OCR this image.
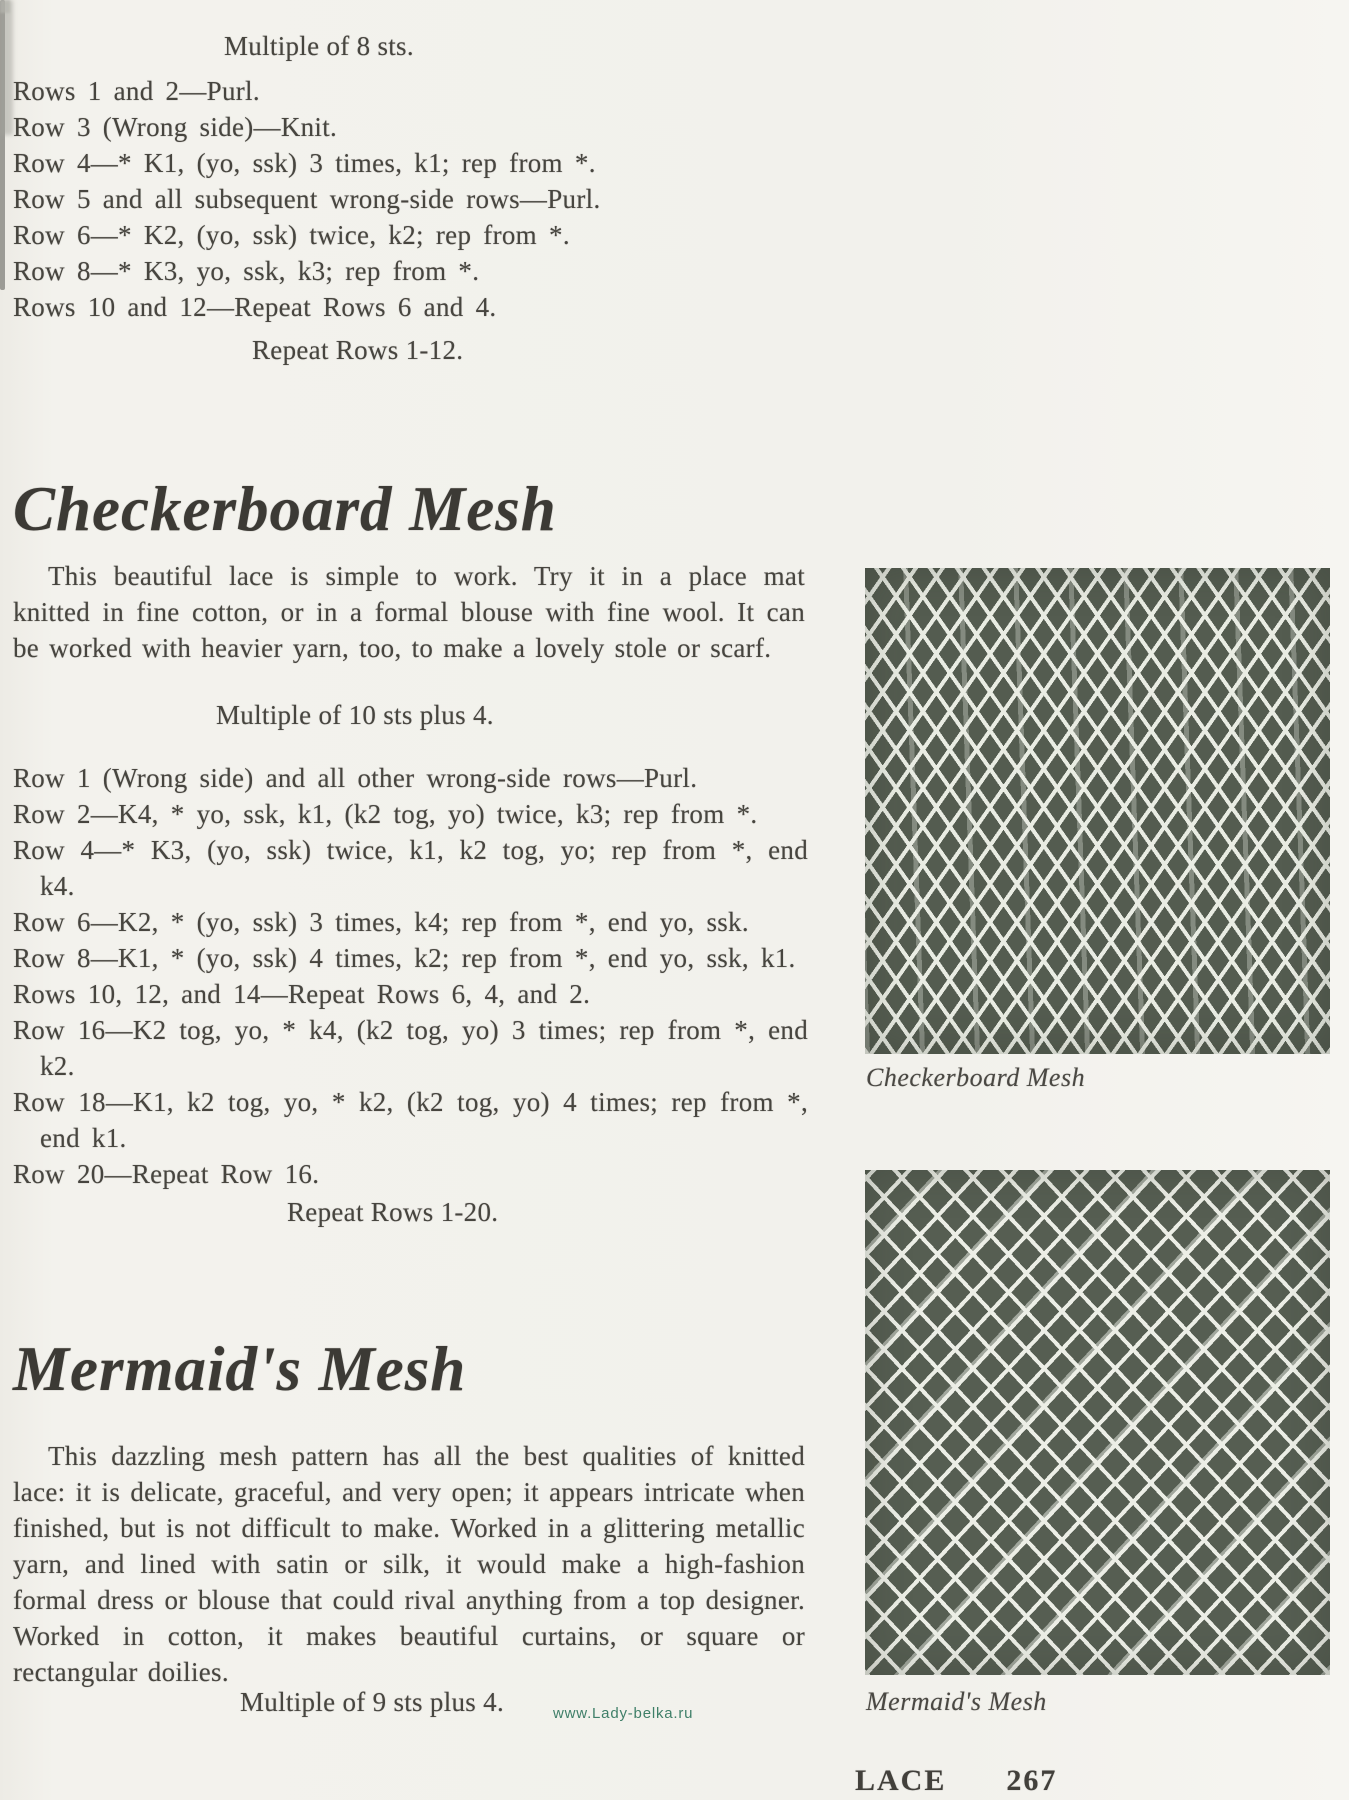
Multiple of 8 sts.

Rows 1 and 2—Purl.

Row 3 (Wrong side)—Knit.

Row 4—* K1, (yo, ssk) 3 times, k1; rep from *.

Row 5 and all subsequent wrong-side rows—Purl.

Row 6—* K2, (yo, ssk) twice, k2; rep from *.

Row 8—* K3, yo, ssk, k3; rep from *.

Rows 10 and 12—Repeat Rows 6 and 4.

Repeat Rows 1-12.

Checkerboard Mesh

This beautiful lace is simple to work. Try it in a place mat knitted in fine cotton, or in a formal blouse with fine wool. It can be worked with heavier yarn, too, to make a lovely stole or scarf.

Multiple of 10 sts plus 4.

Row 1 (Wrong side) and all other wrong-side rows—Purl.

Row 2—K4, * yo, ssk, k1, (k2 tog, yo) twice, k3; rep from *.

Row 4—* K3, (yo, ssk) twice, k1, k2 tog, yo; rep from *, end k4.

Row 6—K2, * (yo, ssk) 3 times, k4; rep from *, end yo, ssk.

Row 8—K1, * (yo, ssk) 4 times, k2; rep from *, end yo, ssk, k1.

Rows 10, 12, and 14—Repeat Rows 6, 4, and 2.

Row 16—K2 tog, yo, * k4, (k2 tog, yo) 3 times; rep from *, end k2.

Row 18—K1, k2 tog, yo, * k2, (k2 tog, yo) 4 times; rep from *, end k1.

Row 20—Repeat Row 16.

Repeat Rows 1-20.

Mermaid's Mesh

This dazzling mesh pattern has all the best qualities of knitted lace: it is delicate, graceful, and very open; it appears intricate when finished, but is not difficult to make. Worked in a glittering metallic yarn, and lined with satin or silk, it would make a high-fashion formal dress or blouse that could rival anything from a top designer. Worked in cotton, it makes beautiful curtains, or square or rectangular doilies.

Multiple of 9 sts plus 4.

Checkerboard Mesh

Mermaid's Mesh

www.Lady-belka.ru

LACE 267
